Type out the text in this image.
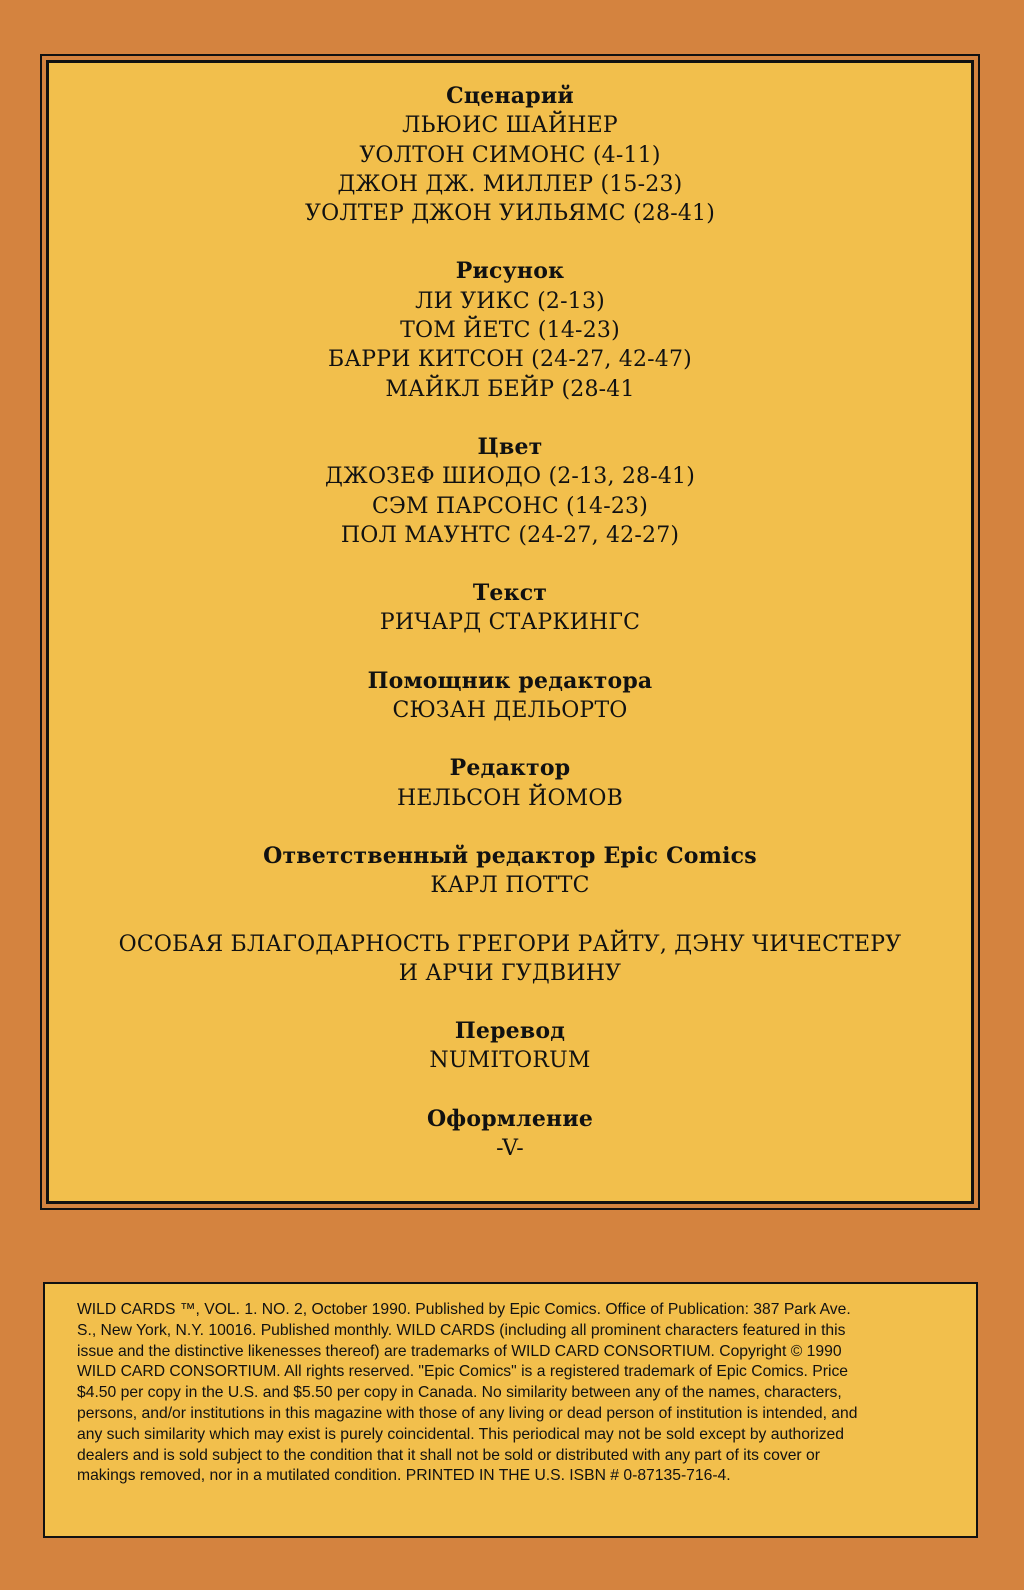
Сценарий
ЛЬЮИС ШАЙНЕР
УОЛТОН СИМОНС (4-11)
ДЖОН ДЖ. МИЛЛЕР (15-23)
УОЛТЕР ДЖОН УИЛЬЯМС (28-41)
Рисунок
ЛИ УИКС (2-13)
ТОМ ЙЕТС (14-23)
БАРРИ КИТСОН (24-27, 42-47)
МАЙКЛ БЕЙР (28-41
Цвет
ДЖОЗЕФ ШИОДО (2-13, 28-41)
СЭМ ПАРСОНС (14-23)
ПОЛ МАУНТС (24-27, 42-27)
Текст
РИЧАРД СТАРКИНГС
Помощник редактора
СЮЗАН ДЕЛЬОРТО
Редактор
НЕЛЬСОН ЙОМОВ
Ответственный редактор Epic Comics
КАРЛ ПОТТС
ОСОБАЯ БЛАГОДАРНОСТЬ ГРЕГОРИ РАЙТУ, ДЭНУ ЧИЧЕСТЕРУ
И АРЧИ ГУДВИНУ
Перевод
NUMITORUM
Оформление
-V-

WILD CARDS ™, VOL. 1. NO. 2, October 1990. Published by Epic Comics. Office of Publication: 387 Park Ave.
S., New York, N.Y. 10016. Published monthly. WILD CARDS (including all prominent characters featured in this
issue and the distinctive likenesses thereof) are trademarks of WILD CARD CONSORTIUM. Copyright © 1990
WILD CARD CONSORTIUM. All rights reserved. "Epic Comics" is a registered trademark of Epic Comics. Price
$4.50 per copy in the U.S. and $5.50 per copy in Canada. No similarity between any of the names, characters,
persons, and/or institutions in this magazine with those of any living or dead person of institution is intended, and
any such similarity which may exist is purely coincidental. This periodical may not be sold except by authorized
dealers and is sold subject to the condition that it shall not be sold or distributed with any part of its cover or
makings removed, nor in a mutilated condition. PRINTED IN THE U.S. ISBN # 0-87135-716-4.
